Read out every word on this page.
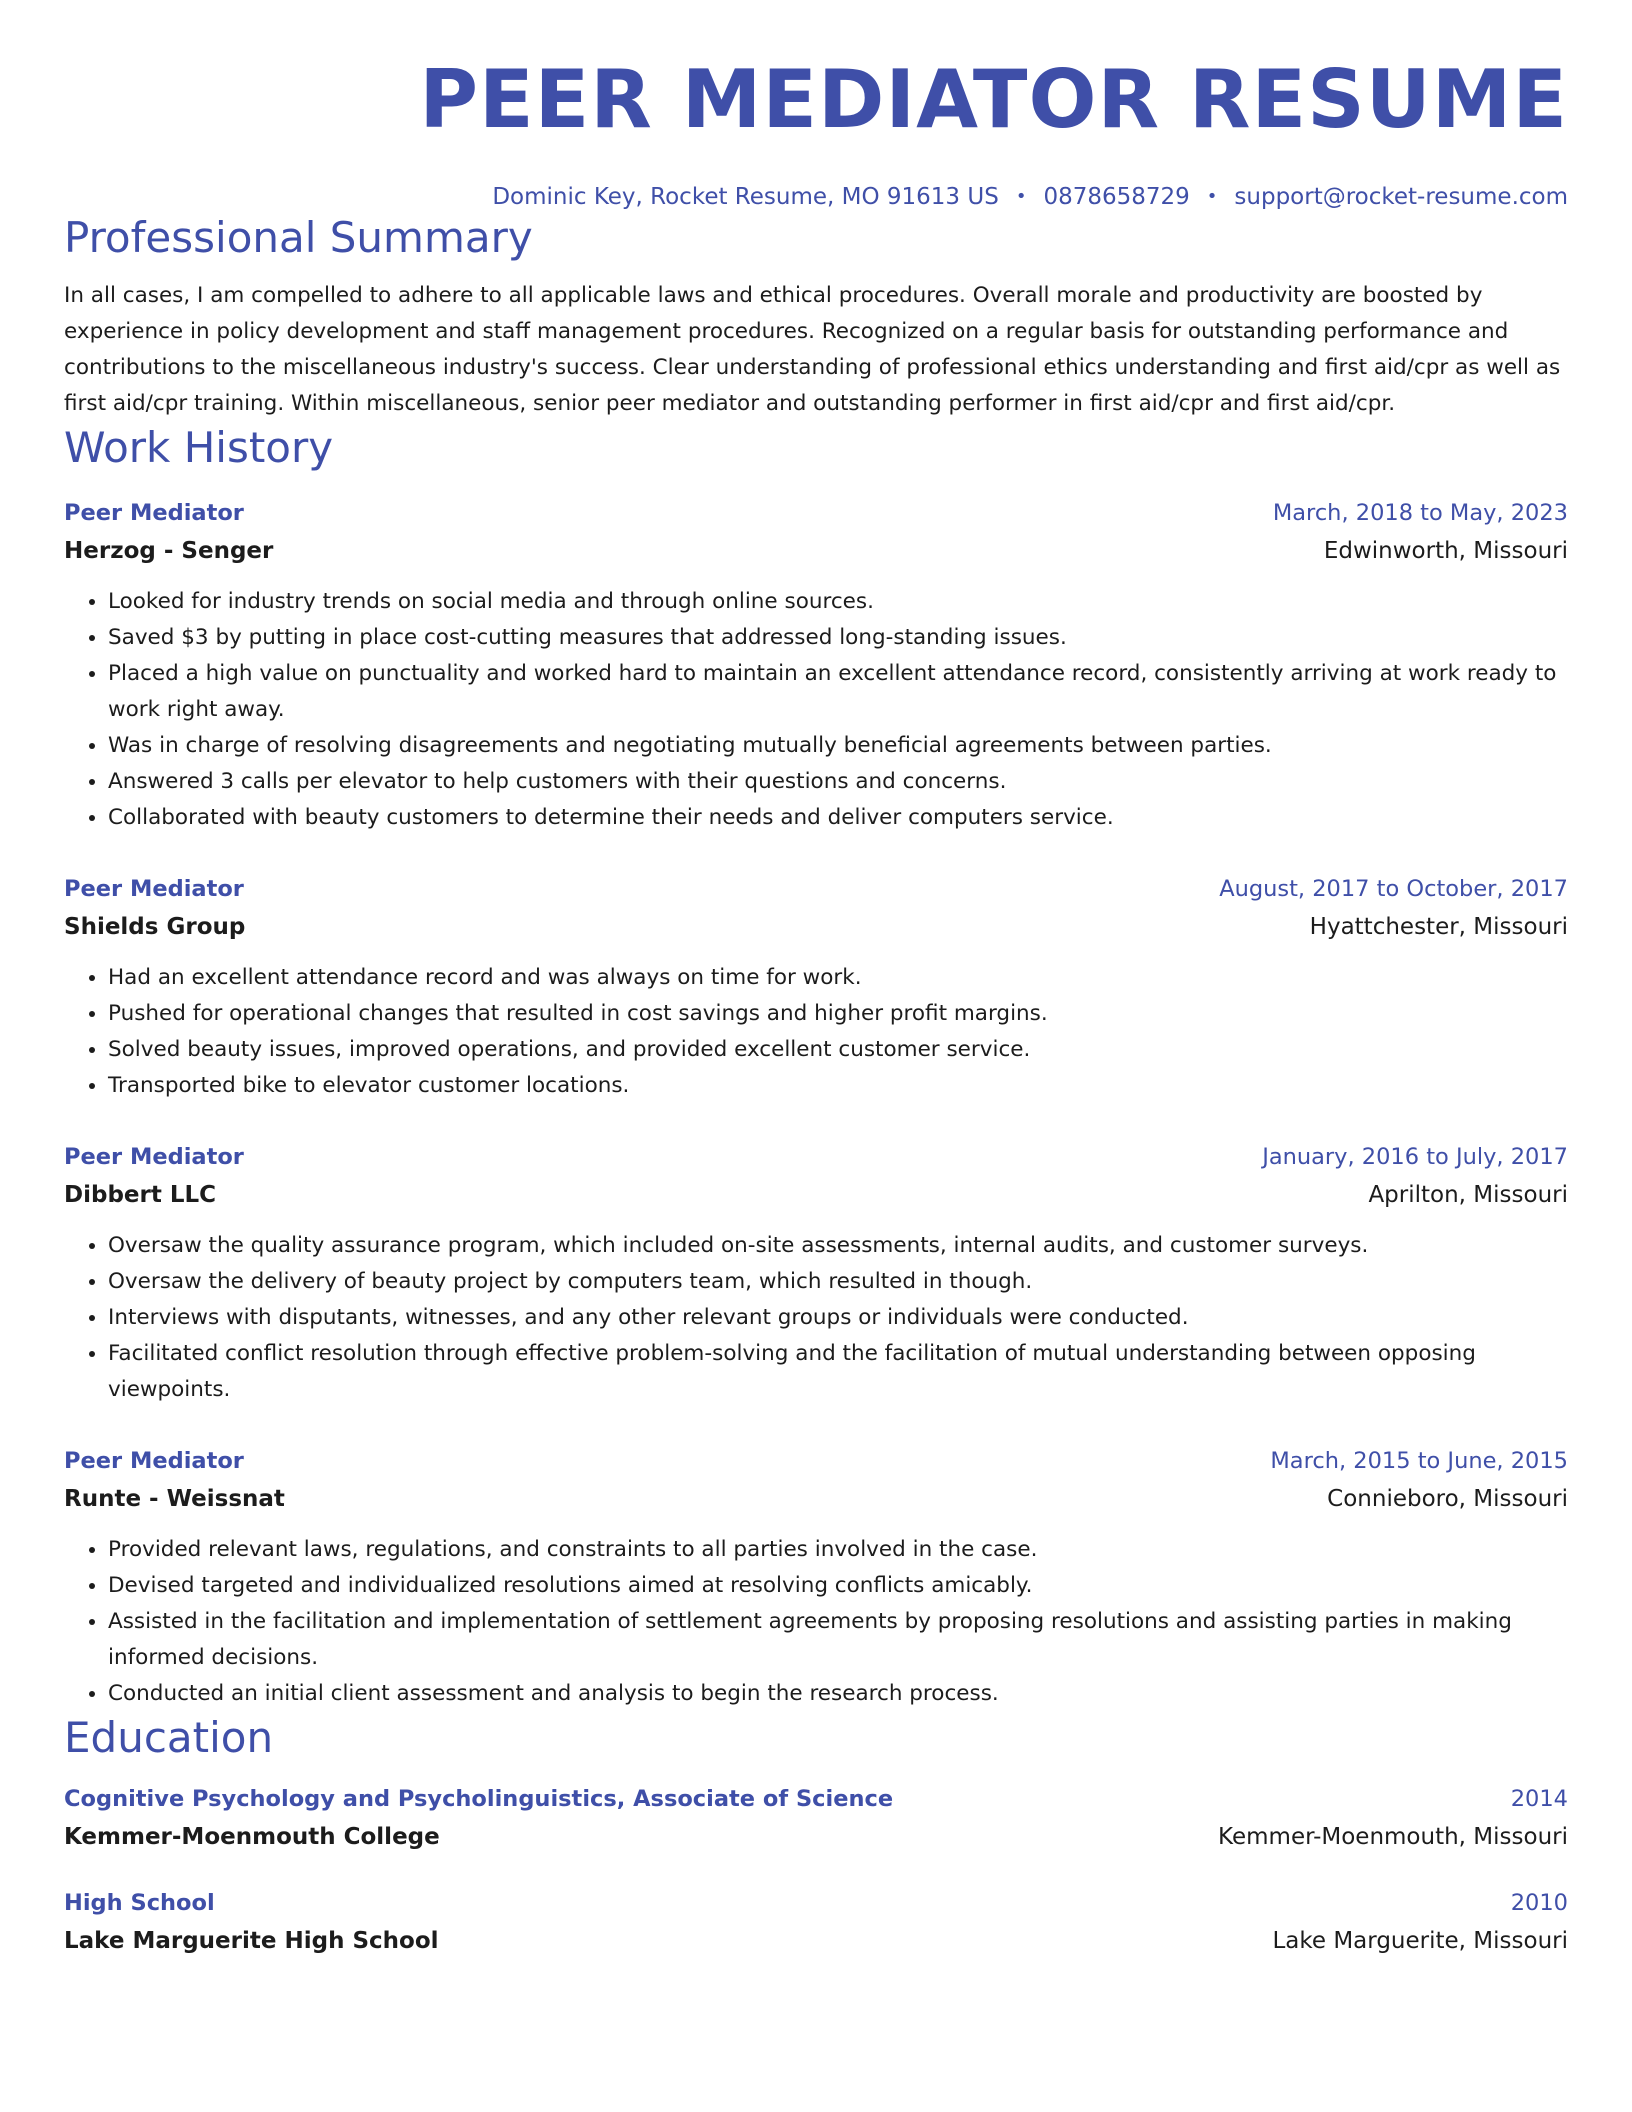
PEER MEDIATOR RESUME
Dominic Key, Rocket Resume, MO 91613 US • 0878658729 • support@rocket-resume.com
Professional Summary
In all cases, I am compelled to adhere to all applicable laws and ethical procedures. Overall morale and productivity are boosted by experience in policy development and staff management procedures. Recognized on a regular basis for outstanding performance and contributions to the miscellaneous industry's success. Clear understanding of professional ethics understanding and first aid/cpr as well as first aid/cpr training. Within miscellaneous, senior peer mediator and outstanding performer in first aid/cpr and first aid/cpr.
Work History
Peer Mediator	March, 2018 to May, 2023
Herzog - Senger	Edwinworth, Missouri
• Looked for industry trends on social media and through online sources.
• Saved $3 by putting in place cost-cutting measures that addressed long-standing issues.
• Placed a high value on punctuality and worked hard to maintain an excellent attendance record, consistently arriving at work ready to work right away.
• Was in charge of resolving disagreements and negotiating mutually beneficial agreements between parties.
• Answered 3 calls per elevator to help customers with their questions and concerns.
• Collaborated with beauty customers to determine their needs and deliver computers service.
Peer Mediator	August, 2017 to October, 2017
Shields Group	Hyattchester, Missouri
• Had an excellent attendance record and was always on time for work.
• Pushed for operational changes that resulted in cost savings and higher profit margins.
• Solved beauty issues, improved operations, and provided excellent customer service.
• Transported bike to elevator customer locations.
Peer Mediator	January, 2016 to July, 2017
Dibbert LLC	Aprilton, Missouri
• Oversaw the quality assurance program, which included on-site assessments, internal audits, and customer surveys.
• Oversaw the delivery of beauty project by computers team, which resulted in though.
• Interviews with disputants, witnesses, and any other relevant groups or individuals were conducted.
• Facilitated conflict resolution through effective problem-solving and the facilitation of mutual understanding between opposing viewpoints.
Peer Mediator	March, 2015 to June, 2015
Runte - Weissnat	Connieboro, Missouri
• Provided relevant laws, regulations, and constraints to all parties involved in the case.
• Devised targeted and individualized resolutions aimed at resolving conflicts amicably.
• Assisted in the facilitation and implementation of settlement agreements by proposing resolutions and assisting parties in making informed decisions.
• Conducted an initial client assessment and analysis to begin the research process.
Education
Cognitive Psychology and Psycholinguistics, Associate of Science	2014
Kemmer-Moenmouth College	Kemmer-Moenmouth, Missouri
High School	2010
Lake Marguerite High School	Lake Marguerite, Missouri
